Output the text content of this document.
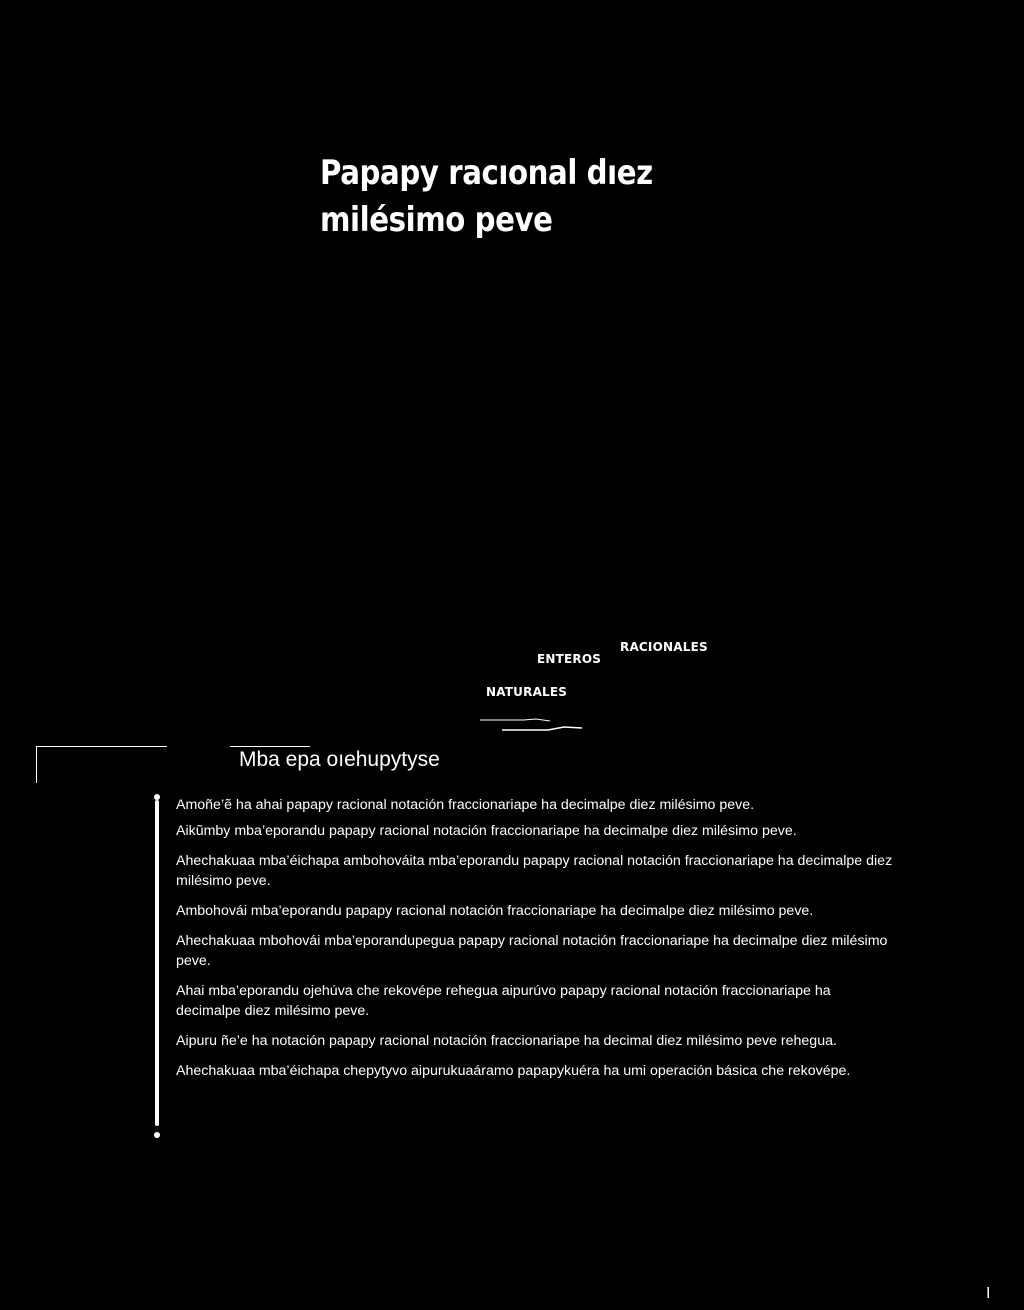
Papapy racıonal dıez milésimo peve
RACIONALES
ENTEROS
NATURALES
Mba epa oıehupytyse
Amoñe’ẽ ha ahai papapy racional notación fraccionariape ha decimalpe diez milésimo peve.
Aikũmby mba’eporandu papapy racional notación fraccionariape ha decimalpe diez milésimo peve.
Ahechakuaa mba’éichapa ambohováita mba’eporandu papapy racional notación fraccionariape ha decimalpe diez milésimo peve.
Ambohovái mba’eporandu papapy racional notación fraccionariape ha decimalpe diez milésimo peve.
Ahechakuaa mbohovái mba’eporandupegua papapy racional notación fraccionariape ha decimalpe diez milésimo peve.
Ahai mba’eporandu ojehúva che rekovépe rehegua aipurúvo papapy racional notación fraccionariape ha decimalpe diez milésimo peve.
Aipuru ñe’e ha notación papapy racional notación fraccionariape ha decimal diez milésimo peve rehegua.
Ahechakuaa mba’éichapa chepytyvo aipurukuaáramo papapykuéra ha umi operación básica che rekovépe.
I
